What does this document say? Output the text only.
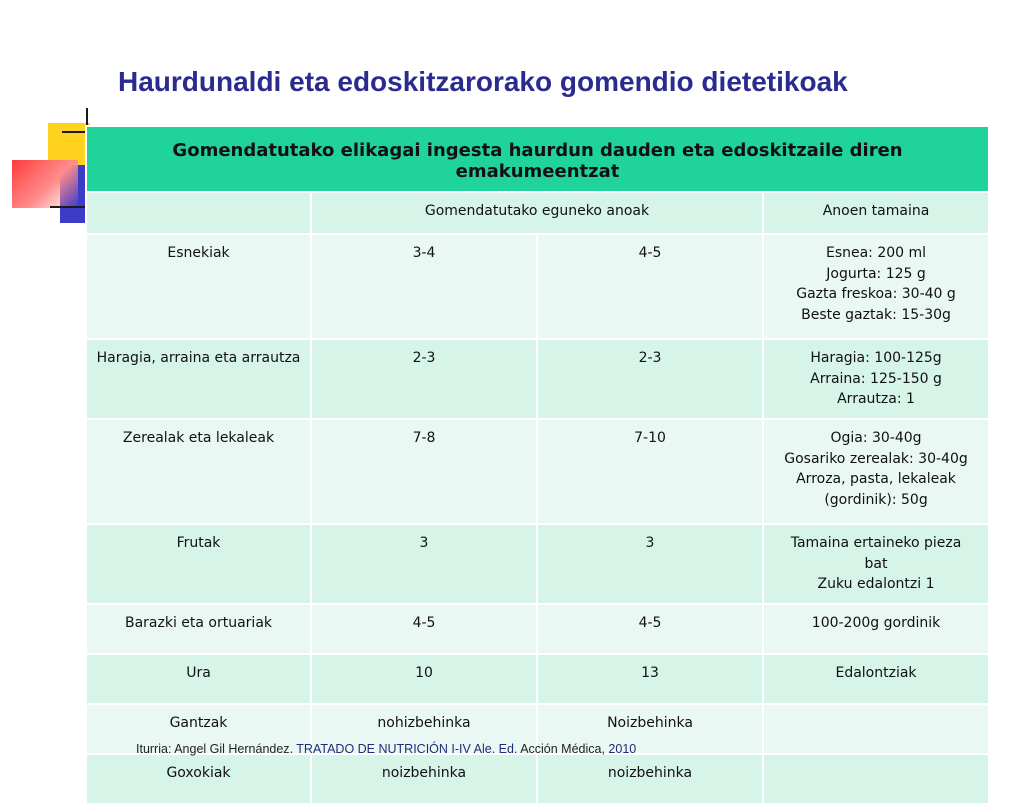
Haurdunaldi eta edoskitzarorako gomendio dietetikoak
Gomendatutako elikagai ingesta haurdun dauden eta edoskitzaile diren emakumeentzat			
	Gomendatutako eguneko anoak		Anoen tamaina
Esnekiak	3-4	4-5	Esnea: 200 ml
Jogurta: 125 g
Gazta freskoa: 30-40 g
Beste gaztak: 15-30g

Haragia, arraina eta arrautza	2-3	2-3	Haragia: 100-125g
Arraina: 125-150 g
Arrautza: 1

Zerealak eta lekaleak	7-8	7-10	Ogia: 30-40g
Gosariko zerealak: 30-40g
Arroza, pasta, lekaleak
(gordinik): 50g

Frutak	3	3	Tamaina ertaineko pieza
bat
Zuku edalontzi 1

Barazki eta ortuariak	4-5	4-5	100-200g gordinik

Ura	10	13	Edalontziak

Gantzak	nohizbehinka	Noizbehinka	

Goxokiak	noizbehinka	noizbehinka	
Iturria: Angel Gil Hernández. TRATADO DE NUTRICIÓN I-IV Ale. Ed. Acción Médica, 2010
